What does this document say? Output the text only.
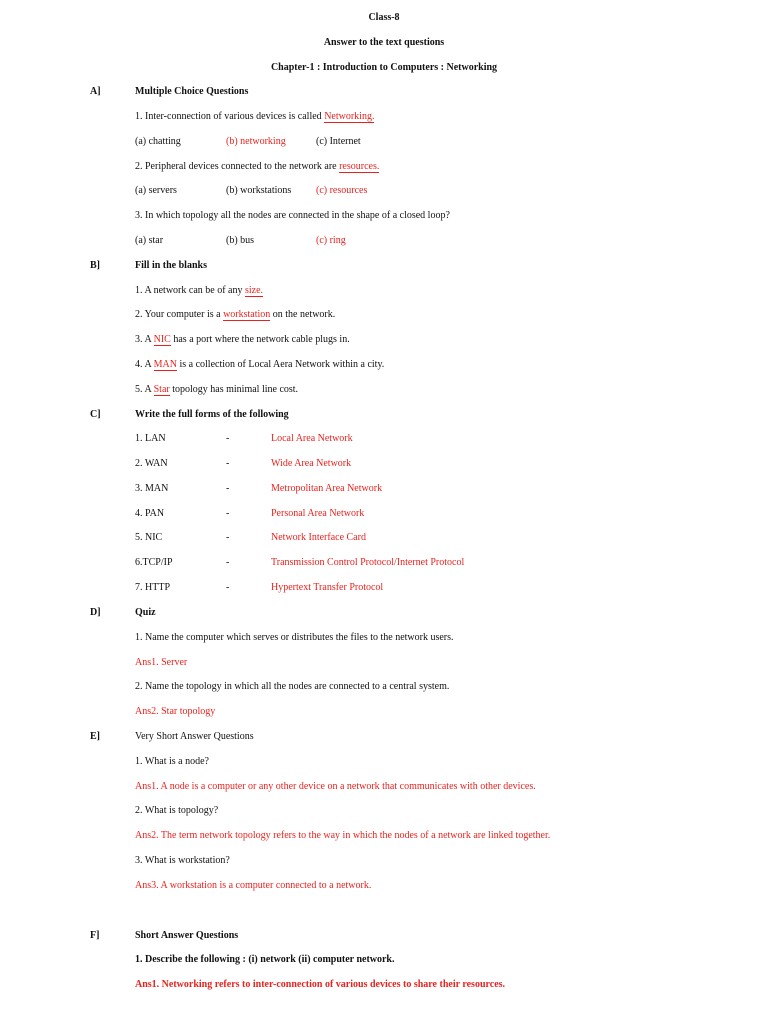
Class-8
Answer to the text questions
Chapter-1 : Introduction to Computers : Networking
A]	Multiple Choice Questions
1. Inter-connection of various devices is called Networking.
(a) chatting	(b) networking	(c) Internet
2. Peripheral devices connected to the network are resources.
(a) servers	(b) workstations (c) resources
3. In which topology all the nodes are connected in the shape of a closed loop?
(a) star	(b) bus	(c) ring
B]	Fill in the blanks
1. A network can be of any size.
2. Your computer is a workstation on the network.
3. A NIC has a port where the network cable plugs in.
4. A MAN is a collection of Local Aera Network within a city.
5. A Star topology has minimal line cost.
C]	Write the full forms of the following
1. LAN	-	Local Area Network
2. WAN	-	Wide Area Network
3. MAN	-	Metropolitan Area Network
4. PAN	-	Personal Area Network
5. NIC	-	Network Interface Card
6.TCP/IP	-	Transmission Control Protocol/Internet Protocol
7. HTTP	-	Hypertext Transfer Protocol
D]	Quiz
1. Name the computer which serves or distributes the files to the network users.
Ans1. Server
2. Name the topology in which all the nodes are connected to a central system.
Ans2. Star topology
E]	Very Short Answer Questions
1. What is a node?
Ans1. A node is a computer or any other device on a network that communicates with other devices.
2. What is topology?
Ans2. The term network topology refers to the way in which the nodes of a network are linked together.
3. What is workstation?
Ans3. A workstation is a computer connected to a network.
F]	Short Answer Questions
1. Describe the following : (i) network (ii) computer network.
Ans1. Networking refers to inter-connection of various devices to share their resources.
